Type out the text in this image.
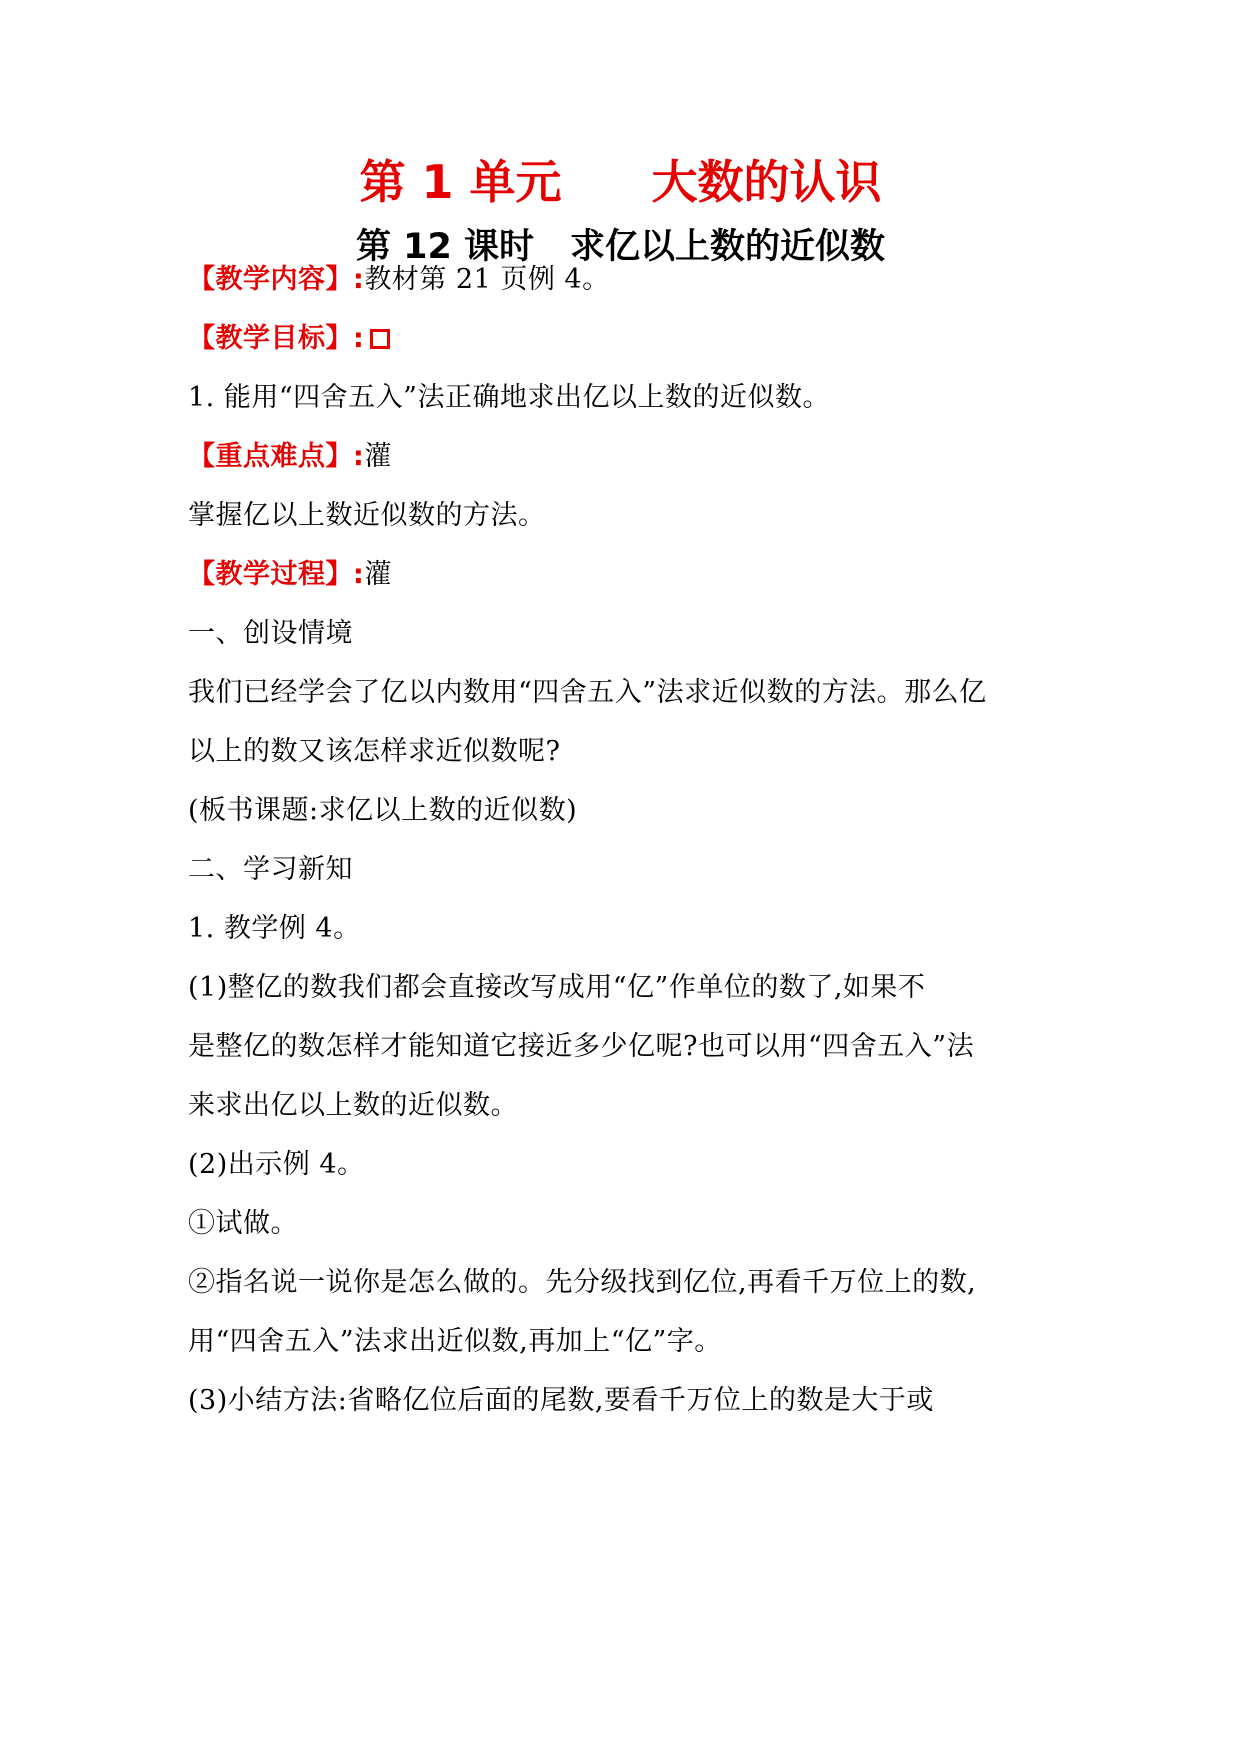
第 1 单元 大数的认识
第 12 课时 求亿以上数的近似数
【教学内容】:教材第 21 页例 4。
【教学目标】:
1. 能用“四舍五入”法正确地求出亿以上数的近似数。
【重点难点】:灌
掌握亿以上数近似数的方法。
【教学过程】:灌
一、创设情境
我们已经学会了亿以内数用“四舍五入”法求近似数的方法。那么亿
以上的数又该怎样求近似数呢?
(板书课题:求亿以上数的近似数)
二、学习新知
1. 教学例 4。
(1)整亿的数我们都会直接改写成用“亿”作单位的数了,如果不
是整亿的数怎样才能知道它接近多少亿呢?也可以用“四舍五入”法
来求出亿以上数的近似数。
(2)出示例 4。
①试做。
②指名说一说你是怎么做的。先分级找到亿位,再看千万位上的数,
用“四舍五入”法求出近似数,再加上“亿”字。
(3)小结方法:省略亿位后面的尾数,要看千万位上的数是大于或
